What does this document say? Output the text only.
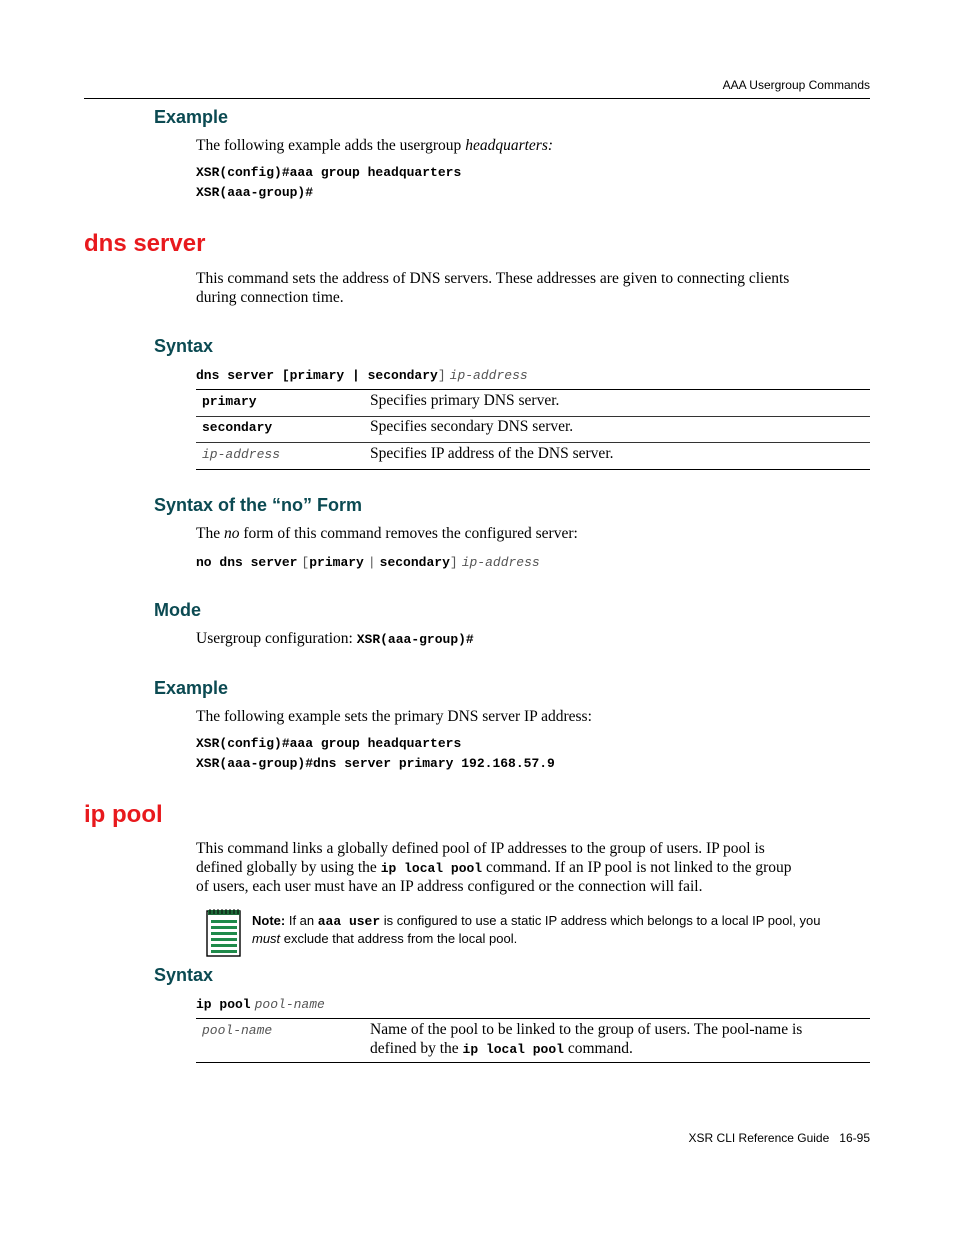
AAA Usergroup Commands
Example
The following example adds the usergroup headquarters:
XSR(config)#aaa group headquarters
XSR(aaa-group)#
dns server
This command sets the address of DNS servers. These addresses are given to connecting clients
during connection time.
Syntax
dns server [primary | secondary] ip-address
primary	Specifies primary DNS server.
secondary	Specifies secondary DNS server.
ip-address	Specifies IP address of the DNS server.
Syntax of the “no” Form
The no form of this command removes the configured server:
no dns server [primary | secondary] ip-address
Mode
Usergroup configuration: XSR(aaa-group)#
Example
The following example sets the primary DNS server IP address:
XSR(config)#aaa group headquarters
XSR(aaa-group)#dns server primary 192.168.57.9
ip pool
This command links a globally defined pool of IP addresses to the group of users. IP pool is
defined globally by using the ip local pool command. If an IP pool is not linked to the group
of users, each user must have an IP address configured or the connection will fail.
Note: If an aaa user is configured to use a static IP address which belongs to a local IP pool, you
must exclude that address from the local pool.
Syntax
ip pool pool-name
pool-name	Name of the pool to be linked to the group of users. The pool-name is
defined by the ip local pool command.
XSR CLI Reference Guide 16-95
